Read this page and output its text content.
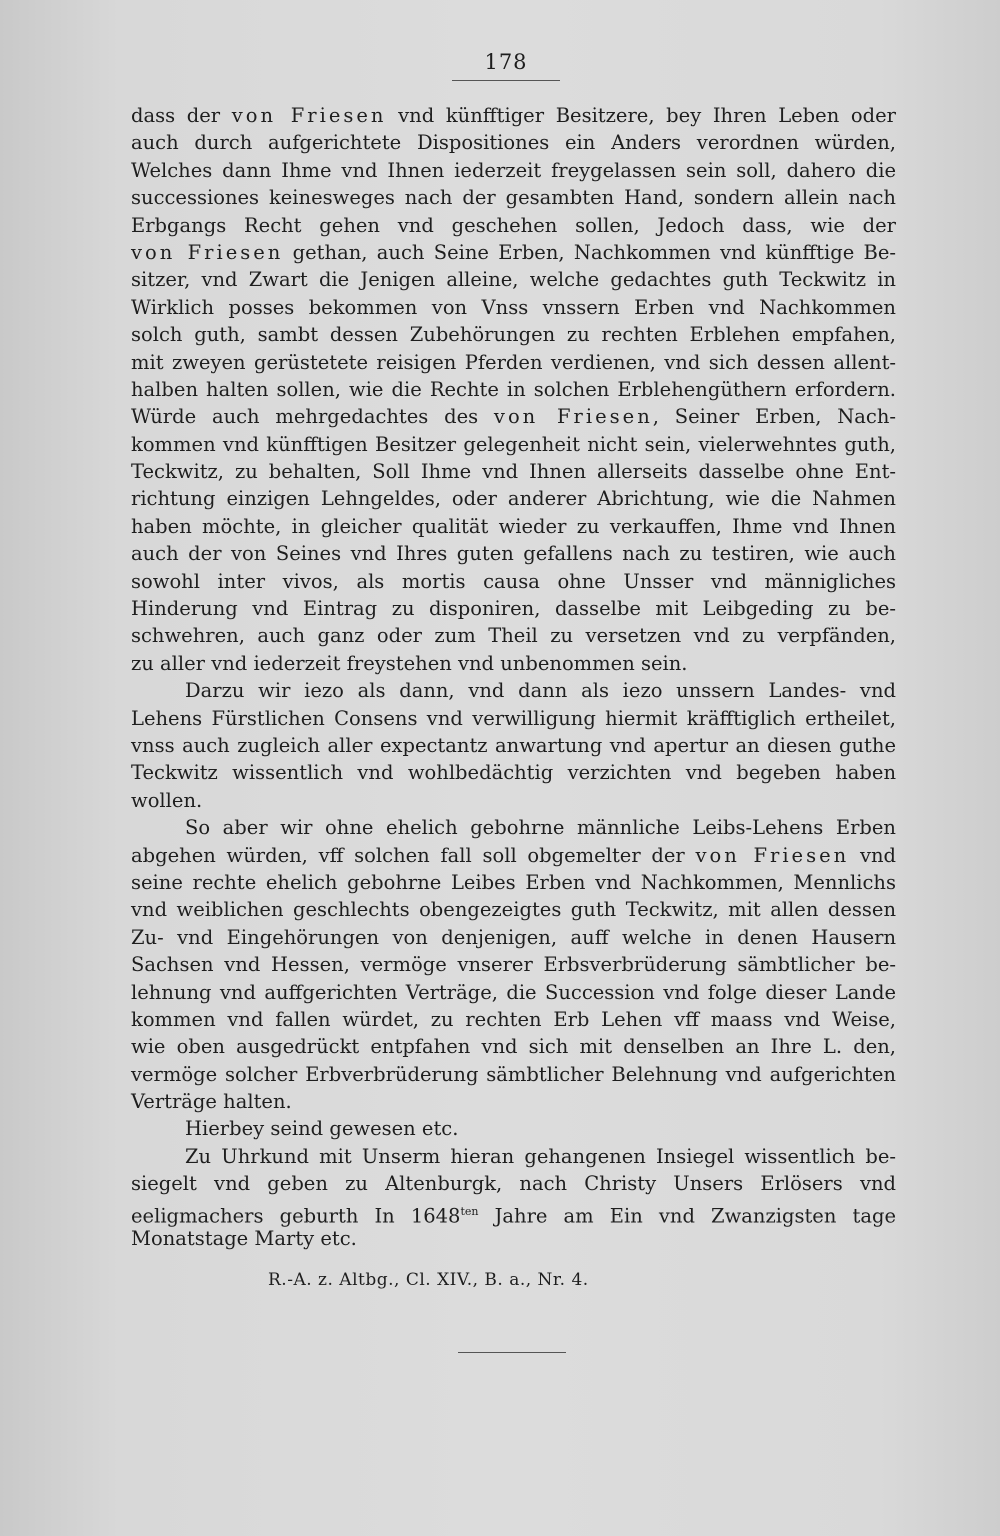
178
dass der von Friesen vnd künfftiger Besitzere, bey Ihren Leben oder
auch durch aufgerichtete Dispositiones ein Anders verordnen würden,
Welches dann Ihme vnd Ihnen iederzeit freygelassen sein soll, dahero die
successiones keinesweges nach der gesambten Hand, sondern allein nach
Erbgangs Recht gehen vnd geschehen sollen, Jedoch dass, wie der
von Friesen gethan, auch Seine Erben, Nachkommen vnd künfftige Be-
sitzer, vnd Zwart die Jenigen alleine, welche gedachtes guth Teckwitz in
Wirklich posses bekommen von Vnss vnssern Erben vnd Nachkommen
solch guth, sambt dessen Zubehörungen zu rechten Erblehen empfahen,
mit zweyen gerüstetete reisigen Pferden verdienen, vnd sich dessen allent-
halben halten sollen, wie die Rechte in solchen Erblehengüthern erfordern.
Würde auch mehrgedachtes des von Friesen, Seiner Erben, Nach-
kommen vnd künfftigen Besitzer gelegenheit nicht sein, vielerwehntes guth,
Teckwitz, zu behalten, Soll Ihme vnd Ihnen allerseits dasselbe ohne Ent-
richtung einzigen Lehngeldes, oder anderer Abrichtung, wie die Nahmen
haben möchte, in gleicher qualität wieder zu verkauffen, Ihme vnd Ihnen
auch der von Seines vnd Ihres guten gefallens nach zu testiren, wie auch
sowohl inter vivos, als mortis causa ohne Unsser vnd männigliches
Hinderung vnd Eintrag zu disponiren, dasselbe mit Leibgeding zu be-
schwehren, auch ganz oder zum Theil zu versetzen vnd zu verpfänden,
zu aller vnd iederzeit freystehen vnd unbenommen sein.
Darzu wir iezo als dann, vnd dann als iezo unssern Landes- vnd
Lehens Fürstlichen Consens vnd verwilligung hiermit kräfftiglich ertheilet,
vnss auch zugleich aller expectantz anwartung vnd apertur an diesen guthe
Teckwitz wissentlich vnd wohlbedächtig verzichten vnd begeben haben
wollen.
So aber wir ohne ehelich gebohrne männliche Leibs-Lehens Erben
abgehen würden, vff solchen fall soll obgemelter der von Friesen vnd
seine rechte ehelich gebohrne Leibes Erben vnd Nachkommen, Mennlichs
vnd weiblichen geschlechts obengezeigtes guth Teckwitz, mit allen dessen
Zu- vnd Eingehörungen von denjenigen, auff welche in denen Hausern
Sachsen vnd Hessen, vermöge vnserer Erbsverbrüderung sämbtlicher be-
lehnung vnd auffgerichten Verträge, die Succession vnd folge dieser Lande
kommen vnd fallen würdet, zu rechten Erb Lehen vff maass vnd Weise,
wie oben ausgedrückt entpfahen vnd sich mit denselben an Ihre L. den,
vermöge solcher Erbverbrüderung sämbtlicher Belehnung vnd aufgerichten
Verträge halten.
Hierbey seind gewesen etc.
Zu Uhrkund mit Unserm hieran gehangenen Insiegel wissentlich be-
siegelt vnd geben zu Altenburgk, nach Christy Unsers Erlösers vnd
eeligmachers geburth In $1648^{ten}$ Jahre am Ein vnd Zwanzigsten tage
Monatstage Marty etc.
R.-A. z. Altbg., Cl. XIV., B. a., Nr. 4.
